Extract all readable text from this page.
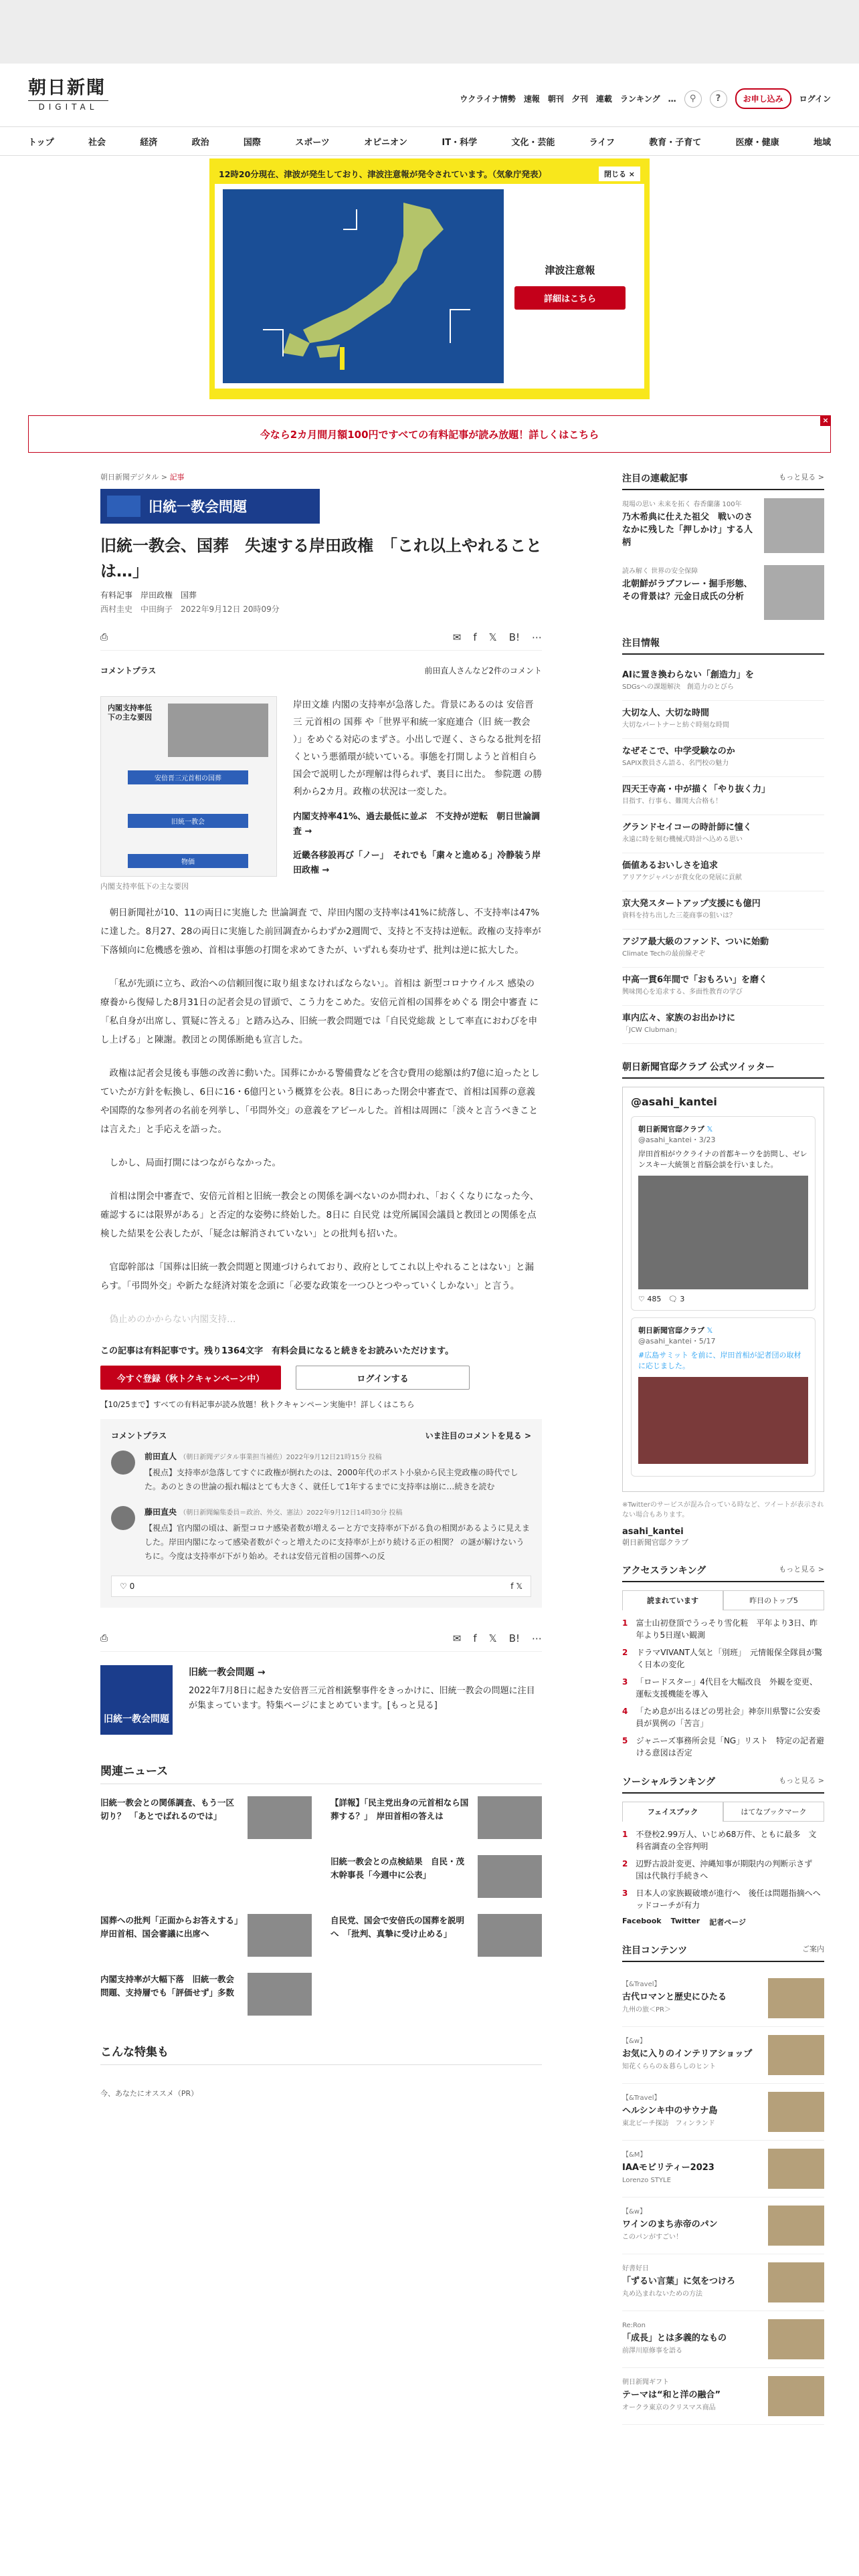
朝日新聞
DIGITAL
ウクライナ情勢 速報 朝刊 夕刊 連載 ランキング …	⚲	?	お申し込み	ログイン
トップ	社会	経済	政治	国際	スポーツ	オピニオン	IT・科学	文化・芸能	ライフ	教育・子育て	医療・健康	地域
12時20分現在、津波が発生しており、津波注意報が発令されています。（気象庁発表）	閉じる ×
津波注意報
詳細はこちら
今なら2カ月間月額100円ですべての有料記事が読み放題！詳しくはこちら
×
朝日新聞デジタル > 記事
旧統一教会問題
旧統一教会、国葬　失速する岸田政権　「これ以上やれることは…」
有料記事 岸田政権 国葬
西村圭史　中田絢子　2022年9月12日 20時09分
⎙	✉ f 𝕏 B! ⋯
コメントプラス	前田直人さんなど2件のコメント
内閣支持率低下の主な要因
安倍晋三元首相の国葬
旧統一教会
物価
内閣支持率低下の主な要因
岸田文雄 内閣の支持率が急落した。背景にあるのは 安倍晋三 元首相の 国葬 や「世界平和統一家庭連合（旧 統一教会 ）」をめぐる対応のまずさ。小出しで遅く、さらなる批判を招くという悪循環が続いている。事態を打開しようと首相自ら国会で説明したが理解は得られず、裏目に出た。 参院選 の勝利から2カ月。政権の状況は一変した。
内閣支持率41%、過去最低に並ぶ　不支持が逆転　朝日世論調査 →
近畿各移設再び「ノー」　それでも「粛々と進める」冷静装う岸田政権 →

朝日新聞社が10、11の両日に実施した 世論調査 で、岸田内閣の支持率は41%に続落し、不支持率は47%に達した。8月27、28の両日に実施した前回調査からわずか2週間で、支持と不支持は逆転。政権の支持率が下落傾向に危機感を強め、首相は事態の打開を求めてきたが、いずれも奏功せず、批判は逆に拡大した。

「私が先頭に立ち、政治への信頼回復に取り組まなければならない」。首相は 新型コロナウイルス 感染の療養から復帰した8月31日の記者会見の冒頭で、こう力をこめた。安倍元首相の国葬をめぐる 閉会中審査 に「私自身が出席し、質疑に答える」と踏み込み、旧統一教会問題では「自民党総裁 として率直におわびを申し上げる」と陳謝。教団との関係断絶も宣言した。

政権は記者会見後も事態の改善に動いた。国葬にかかる警備費などを含む費用の総額は約7億に迫ったとしていたが方針を転換し、6日に16・6億円という概算を公表。8日にあった閉会中審査で、首相は国葬の意義や国際的な参列者の名前を列挙し、「弔問外交」の意義をアピールした。首相は周囲に「淡々と言うべきことは言えた」と手応えを語った。

しかし、局面打開にはつながらなかった。

首相は閉会中審査で、安倍元首相と旧統一教会との関係を調べないのか問われ、「おくくなりになった今、確認するには限界がある」と否定的な姿勢に終始した。8日に 自民党 は党所属国会議員と教団との関係を点検した結果を公表したが、「疑念は解消されていない」との批判も招いた。

官邸幹部は「国葬は旧統一教会問題と関連づけられており、政府としてこれ以上やれることはない」と漏らす。「弔問外交」や新たな経済対策を念頭に「必要な政策を一つひとつやっていくしかない」と言う。

偽止めのかからない内閣支持…

この記事は有料記事です。残り1364文字　有料会員になると続きをお読みいただけます。
今すぐ登録（秋トクキャンペーン中）	ログインする
【10/25まで】すべての有料記事が読み放題！秋トクキャンペーン実施中！詳しくはこちら
コメントプラス	いま注目のコメントを見る >
前田直人 （朝日新聞デジタル事業担当補佐）2022年9月12日21時15分 投稿
【視点】支持率が急落してすぐに政権が倒れたのは、2000年代のボスト小泉から民主党政権の時代でした。あのときの世論の振れ幅はとても大きく、就任して1年するまでに支持率は崩に…続きを読む
藤田直央 （朝日新聞編集委員＝政治、外交、憲法）2022年9月12日14時30分 投稿
【視点】官内閣の頃は、新型コロナ感染者数が増えるーと方で支持率が下がる負の相関があるように見えました。岸田内閣になって感染者数がぐっと増えたのに支持率が上がり続ける正の相関？ の謎が解けないうちに。今度は支持率が下がり始め。それは安倍元首相の国葬への反
♡ 0	f 𝕏
⎙	✉ f 𝕏 B! ⋯
旧統一教会問題
旧統一教会問題 →
2022年7月8日に起きた安倍晋三元首相銃撃事件をきっかけに、旧統一教会の問題に注目が集まっています。特集ページにまとめています。[もっと見る]
関連ニュース
旧統一教会との関係調査、もう一区切り？　「あとでばれるのでは」
【詳報】「民主党出身の元首相なら国葬する？」　岸田首相の答えは
旧統一教会との点検結果　自民・茂木幹事長「今週中に公表」
国葬への批判「正面からお答えする」岸田首相、国会審議に出席へ
自民党、国会で安倍氏の国葬を説明へ　「批判、真摯に受け止める」
内閣支持率が大幅下落　旧統一教会問題、支持層でも「評価せず」多数
こんな特集も
今、あなたにオススメ（PR）
注目の連載記事	もっと見る >
現場の思い 未来を拓く 春香蘭藩 100年
乃木希典に仕えた祖父　戦いのさなかに残した「押しかけ」する人柄
読み解く 世界の安全保障
北朝鮮がラブフレー・掘手形態、その背景は？元金日成氏の分析
注目情報
AIに置き換わらない「創造力」を
SDGsへの課題解決　創造力のとびら
大切な人、大切な時間
大切なパートナーと紡ぐ時刻な時間
なぜそこで、中学受験なのか
SAPIX教員さん語る、名門校の魅力
四天王寺高・中が描く「やり抜く力」
目指す、行事も、難関大合格も！
グランドセイコーの時計師に憧く
永遠に時を刻む機械式時計へ込める思い
価値あるおいしさを追求
アリアケジャパンが貴女化の発展に貢献
京大発スタートアップ支援にも億円
資料を持ち出した三菱商事の狙いは？
アジア最大級のファンド、ついに始動
Climate Techの最前線ぞぞ
中高一貫6年間で「おもろい」を磨く
興味関心を追求する、多面性教育の学び
車内広々、家族のお出かけに
「JCW Clubman」
朝日新聞官邸クラブ 公式ツイッター
@asahi_kantei
朝日新聞官邸クラブ 𝕏
@asahi_kantei・3/23
岸田首相がウクライナの首都キーウを訪問し、ゼレンスキー大統領と首脳会談を行いました。
♡ 485 🗨 3
朝日新聞官邸クラブ 𝕏
@asahi_kantei・5/17
#広島サミット を前に、岸田首相が記者団の取材に応じました。
※Twitterのサービスが混み合っている時など、ツイートが表示されない場合もあります。
asahi_kantei
朝日新聞官邸クラブ
アクセスランキング	もっと見る >
読まれています	昨日のトップ5
1 富士山初登頂でうっそり雪化粧　平年より3日、昨年より5日遅い観測
2 ドラマVIVANT人気と「別班」　元情報保全隊員が驚く日本の変化
3 「ロードスター」4代目を大幅改良　外観を変更、運転支援機能を導入
4 「ため息が出るほどの男社会」神奈川県警に公安委員が異例の「苦言」
5 ジャニーズ事務所会見「NG」リスト　特定の記者避ける意図は否定
ソーシャルランキング	もっと見る >
フェイスブック	はてなブックマーク
1 不登校2.99万人、いじめ68万件、ともに最多　文科省調査の全容判明
2 辺野古設計変更、沖縄知事が期限内の判断示さず　国は代執行手続きへ
3 日本人の家族観破壊が進行へ　後任は問題指摘へヘッドコーチが有力
Facebook Twitter 記者ページ
注目コンテンツ	ご案内
【&Travel】
古代ロマンと歴史にひたる
九州の旅＜PR＞
【&w】
お気に入りのインテリアショップ
知花くららの＆暮らしのヒント
【&Travel】
ヘルシンキ中のサウナ島
東北ビーチ探訪　フィンランド
【&M】
IAAモビリティー2023
Lorenzo STYLE
【&w】
ワインのまち赤帝のパン
このパンがすごい！
好書好日
「ずるい言葉」に気をつけろ
丸め込まれないための方法
Re:Ron
「成長」とは多義的なもの
前澤川原修事を語る
朝日新聞ギフト
テーマは“和と洋の融合”
オークラ東京のクリスマス商品
